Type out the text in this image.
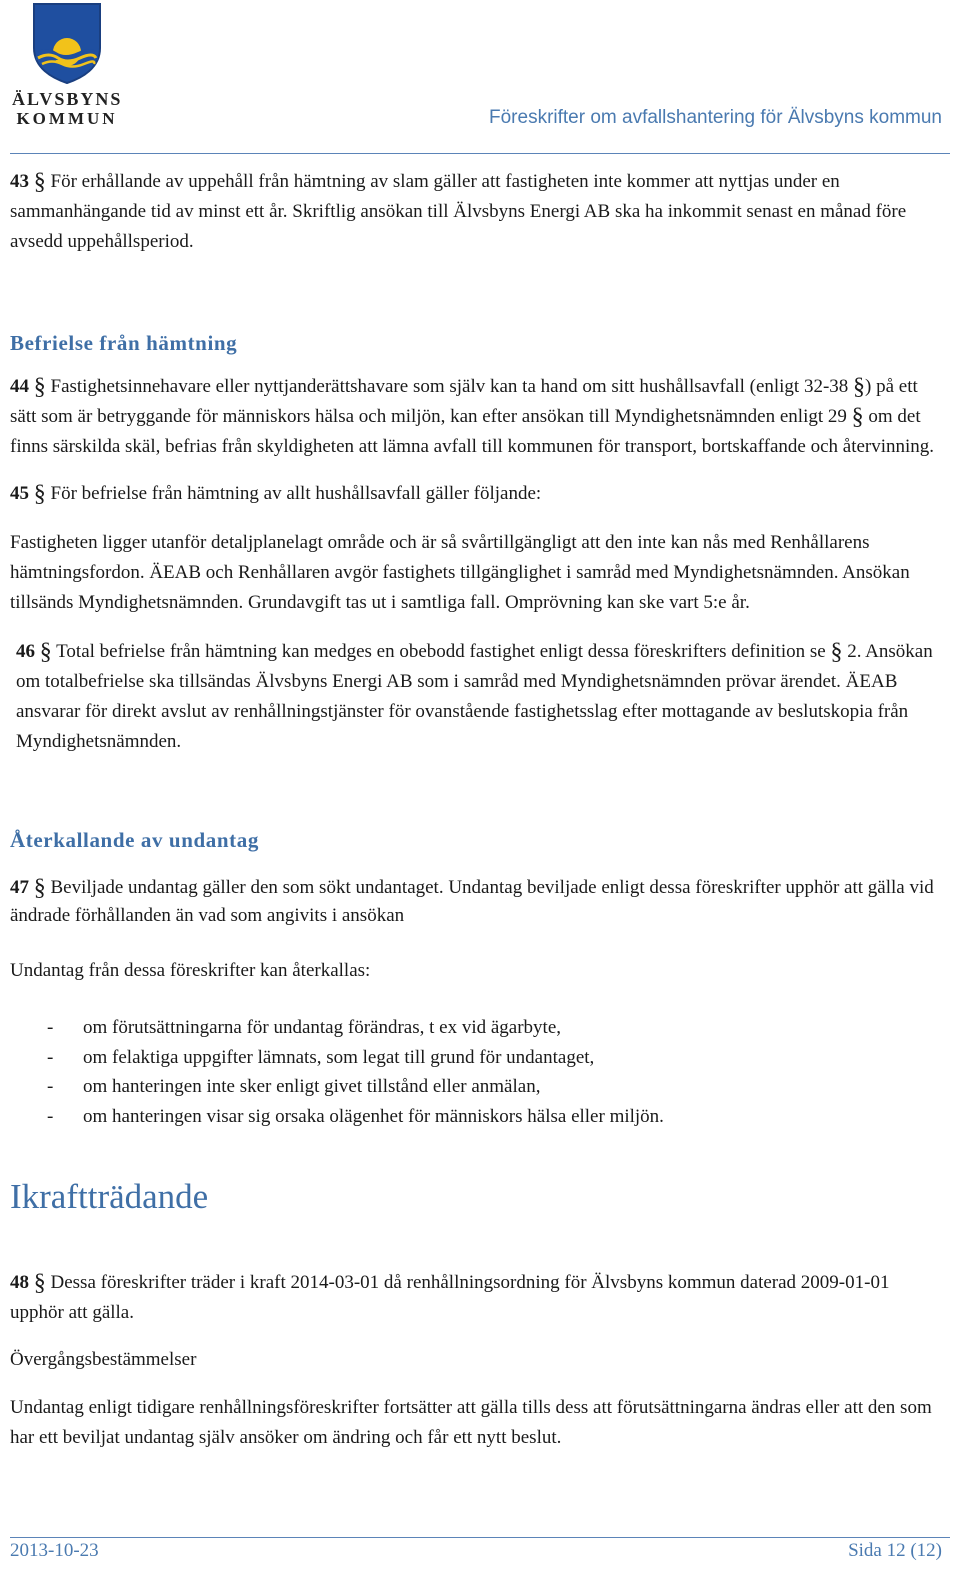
ÄLVSBYNS
KOMMUN	Föreskrifter om avfallshantering för Älvsbyns kommun

43 § För erhållande av uppehåll från hämtning av slam gäller att fastigheten inte kommer att nyttjas under en sammanhängande tid av minst ett år. Skriftlig ansökan till Älvsbyns Energi AB ska ha inkommit senast en månad före avsedd uppehållsperiod.

Befrielse från hämtning

44 § Fastighetsinnehavare eller nyttjanderättshavare som själv kan ta hand om sitt hushållsavfall (enligt 32-38 §) på ett sätt som är betryggande för människors hälsa och miljön, kan efter ansökan till Myndighetsnämnden enligt 29 § om det finns särskilda skäl, befrias från skyldigheten att lämna avfall till kommunen för transport, bortskaffande och återvinning.

45 § För befrielse från hämtning av allt hushållsavfall gäller följande:

Fastigheten ligger utanför detaljplanelagt område och är så svårtillgängligt att den inte kan nås med Renhållarens hämtningsfordon. ÄEAB och Renhållaren avgör fastighets tillgänglighet i samråd med Myndighetsnämnden. Ansökan tillsänds Myndighetsnämnden. Grundavgift tas ut i samtliga fall. Omprövning kan ske vart 5:e år.

46 § Total befrielse från hämtning kan medges en obebodd fastighet enligt dessa föreskrifters definition se § 2. Ansökan om totalbefrielse ska tillsändas Älvsbyns Energi AB som i samråd med Myndighetsnämnden prövar ärendet. ÄEAB ansvarar för direkt avslut av renhållningstjänster för ovanstående fastighetsslag efter mottagande av beslutskopia från Myndighetsnämnden.

Återkallande av undantag

47 § Beviljade undantag gäller den som sökt undantaget. Undantag beviljade enligt dessa föreskrifter upphör att gälla vid ändrade förhållanden än vad som angivits i ansökan

Undantag från dessa föreskrifter kan återkallas:

- om förutsättningarna för undantag förändras, t ex vid ägarbyte,
- om felaktiga uppgifter lämnats, som legat till grund för undantaget,
- om hanteringen inte sker enligt givet tillstånd eller anmälan,
- om hanteringen visar sig orsaka olägenhet för människors hälsa eller miljön.
Ikraftträdande

48 § Dessa föreskrifter träder i kraft 2014-03-01 då renhållningsordning för Älvsbyns kommun daterad 2009-01-01 upphör att gälla.

Övergångsbestämmelser

Undantag enligt tidigare renhållningsföreskrifter fortsätter att gälla tills dess att förutsättningarna ändras eller att den som har ett beviljat undantag själv ansöker om ändring och får ett nytt beslut.

2013-10-23	Sida 12 (12)
